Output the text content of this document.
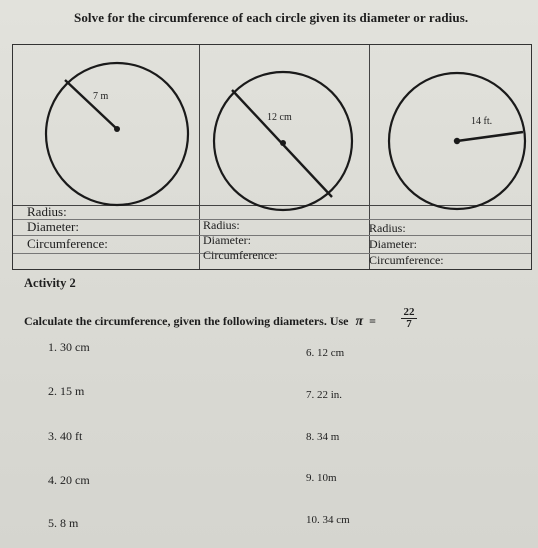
Solve for the circumference of each circle given its diameter or radius.
7 m
12 cm	14 ft.
Radius:
Diameter:
Circumference:
Radius:
Diameter:
Circumference:
Radius:
Diameter:
Circumference:
Activity 2
Calculate the circumference, given the following diameters. Use $\pi = \frac{22}{7}$
1. 30 cm
2. 15 m
3. 40 ft
4. 20 cm
5. 8 m
6. 12 cm
7. 22 in.
8. 34 m
9. 10m
10. 34 cm
